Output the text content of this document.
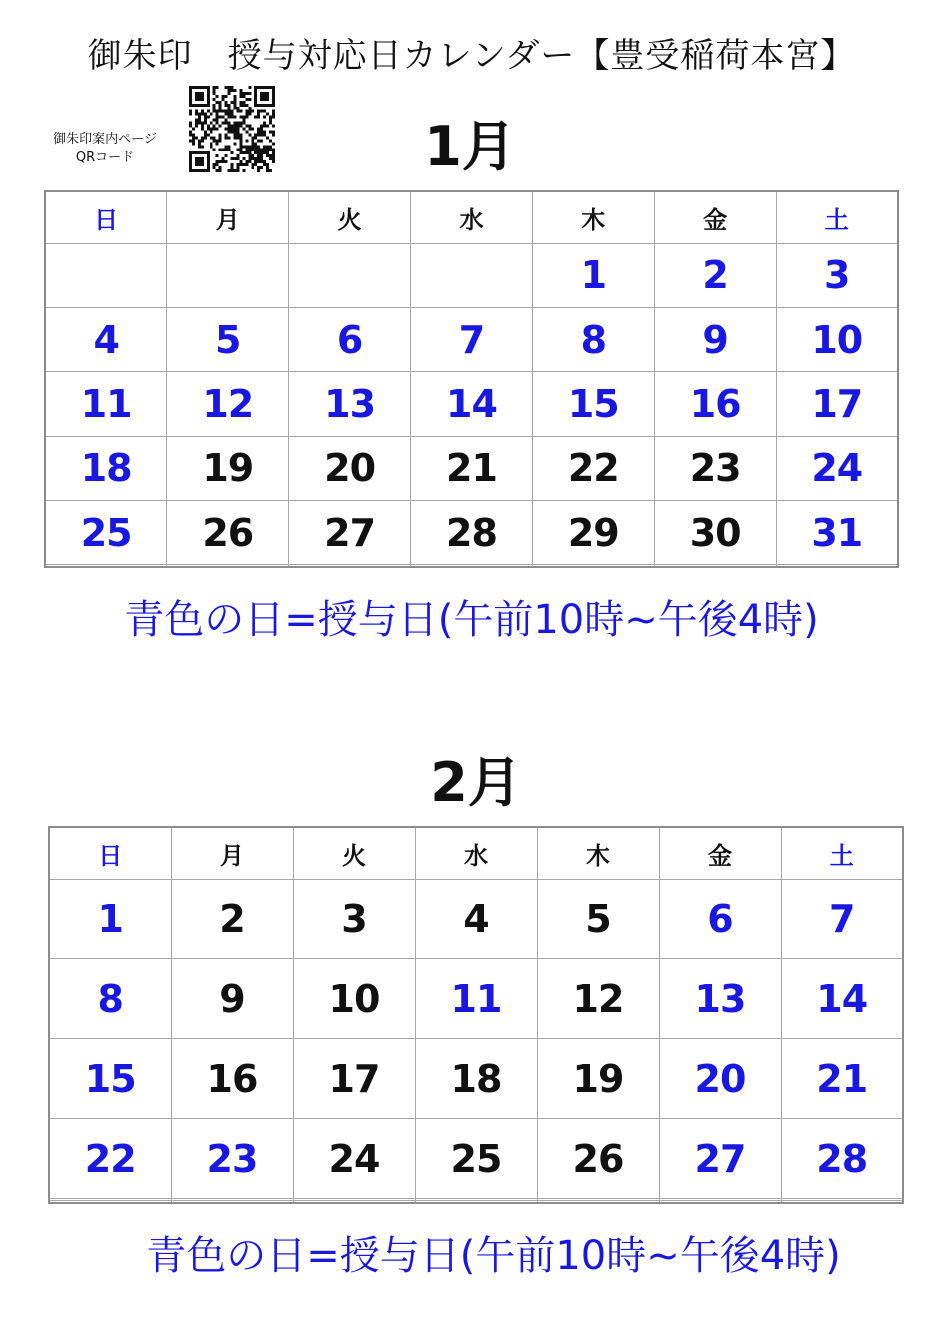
御朱印　授与対応日カレンダー【豊受稲荷本宮】
御朱印案内ページ
QRコード	1月
日	月	火	水	木	金	土
				1	2	3
4	5	6	7	8	9	10
11	12	13	14	15	16	17
18	19	20	21	22	23	24
25	26	27	28	29	30	31

青色の日=授与日(午前10時~午後4時)
2月
日	月	火	水	木	金	土
1	2	3	4	5	6	7
8	9	10	11	12	13	14
15	16	17	18	19	20	21
22	23	24	25	26	27	28

青色の日=授与日(午前10時~午後4時)
